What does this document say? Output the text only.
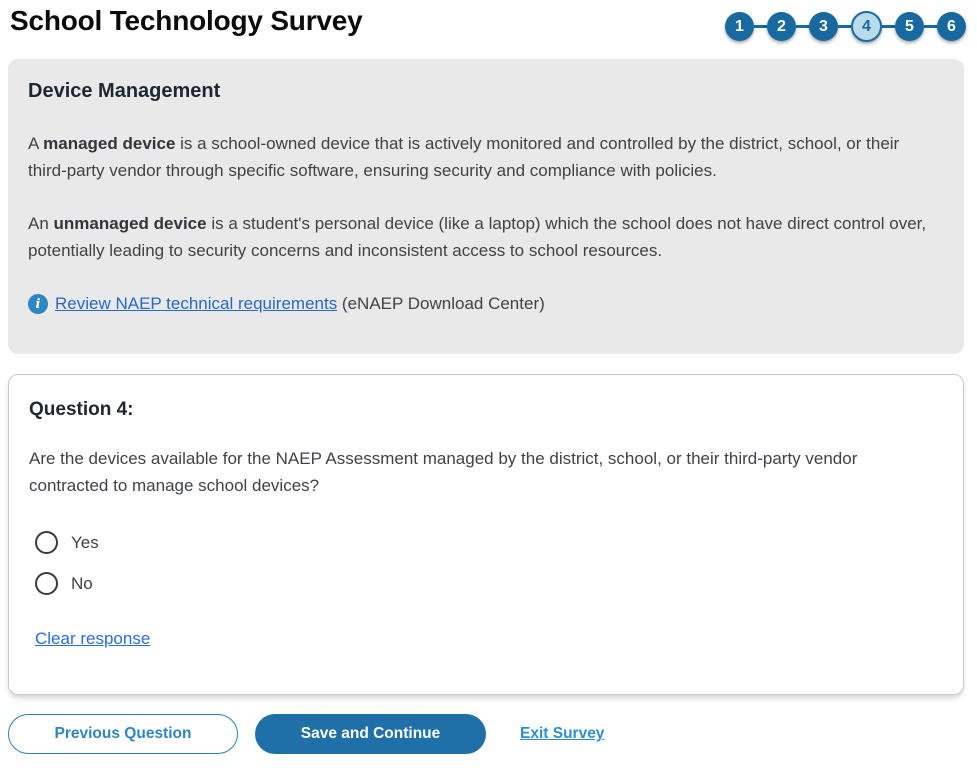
School Technology Survey	1	2	3	4	5	6
Device Management

A managed device is a school-owned device that is actively monitored and controlled by the district, school, or their third-party vendor through specific software, ensuring security and compliance with policies.

An unmanaged device is a student's personal device (like a laptop) which the school does not have direct control over, potentially leading to security concerns and inconsistent access to school resources.

i Review NAEP technical requirements (eNAEP Download Center)
Question 4:
Are the devices available for the NAEP Assessment managed by the district, school, or their third-party vendor contracted to manage school devices?
Yes
No
Clear response
Previous Question	Save and Continue	Exit Survey
